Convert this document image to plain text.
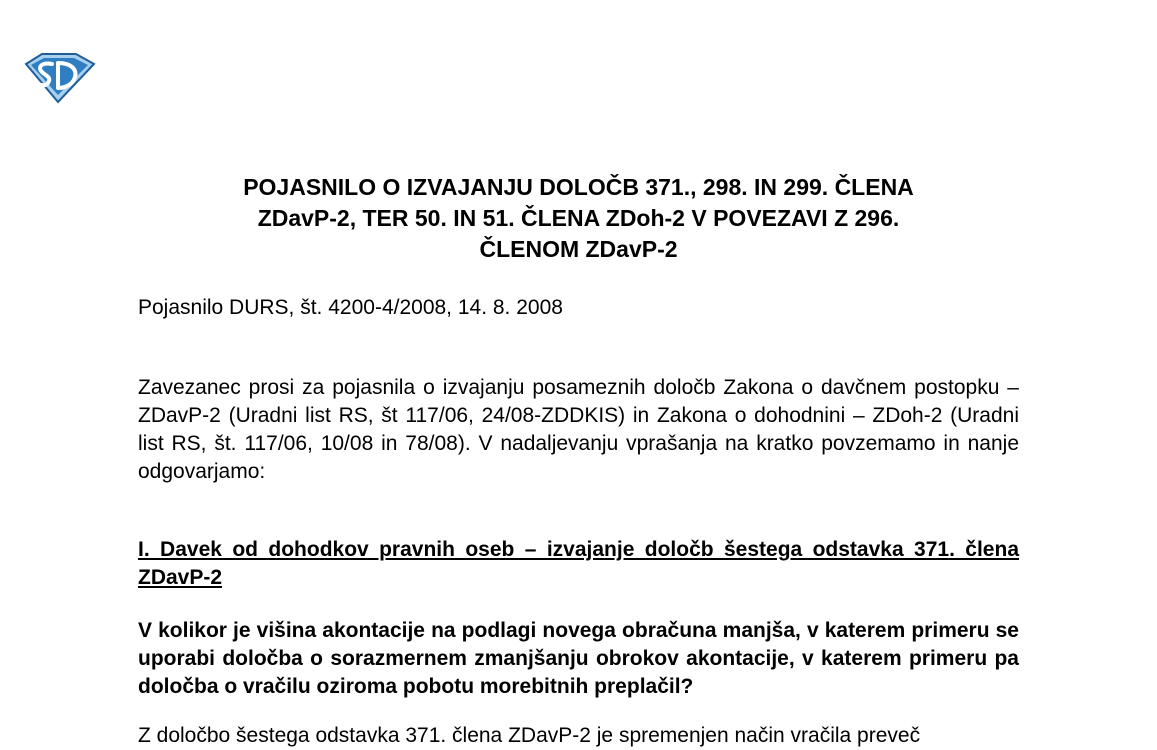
POJASNILO O IZVAJANJU DOLOČB 371., 298. IN 299. ČLENA
ZDavP-2, TER 50. IN 51. ČLENA ZDoh-2 V POVEZAVI Z 296.
ČLENOM ZDavP-2

Pojasnilo DURS, št. 4200-4/2008, 14. 8. 2008

Zavezanec prosi za pojasnila o izvajanju posameznih določb Zakona o davčnem postopku – ZDavP-2 (Uradni list RS, št 117/06, 24/08-ZDDKIS) in Zakona o dohodnini – ZDoh-2 (Uradni list RS, št. 117/06, 10/08 in 78/08). V nadaljevanju vprašanja na kratko povzemamo in nanje odgovarjamo:

I. Davek od dohodkov pravnih oseb – izvajanje določb šestega odstavka 371. člena ZDavP-2

V kolikor je višina akontacije na podlagi novega obračuna manjša, v katerem primeru se uporabi določba o sorazmernem zmanjšanju obrokov akontacije, v katerem primeru pa določba o vračilu oziroma pobotu morebitnih preplačil?

Z določbo šestega odstavka 371. člena ZDavP-2 je spremenjen način vračila preveč
